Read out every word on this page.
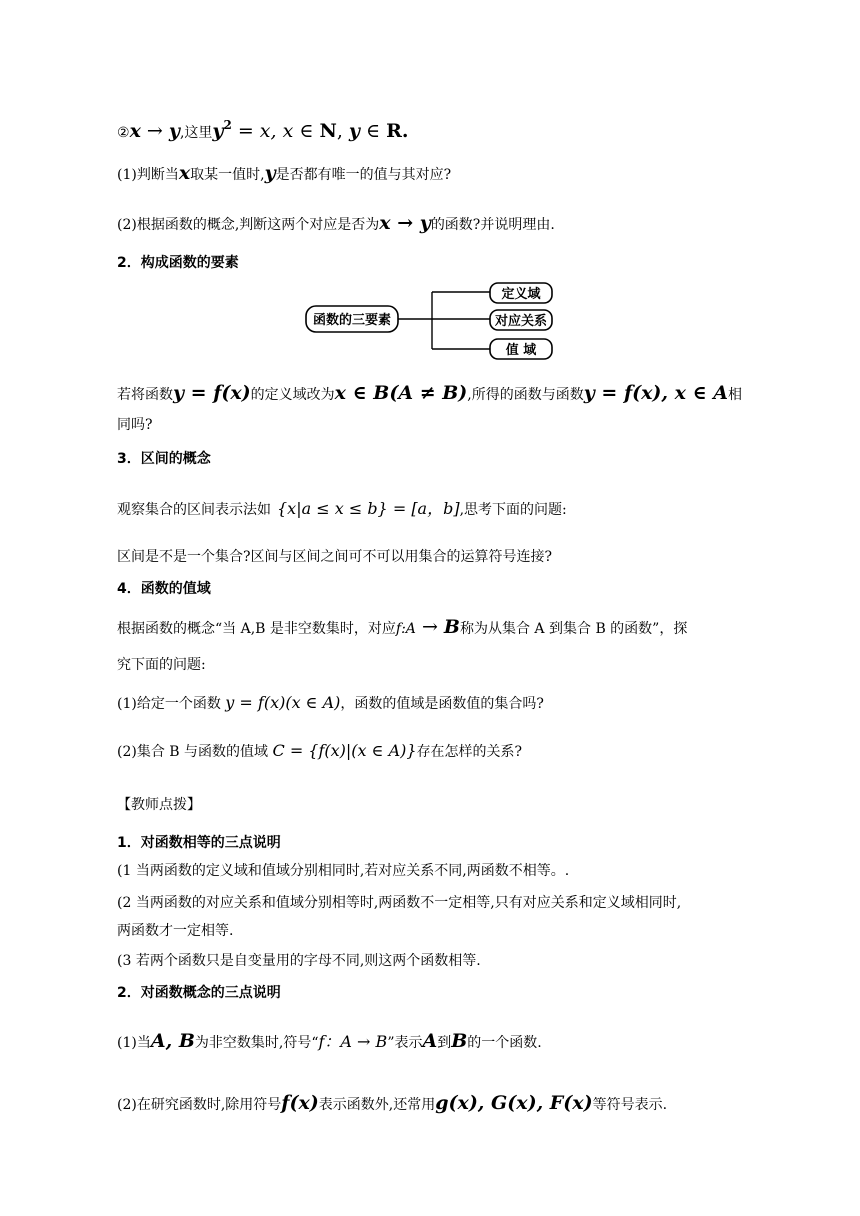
②x → y,这里y2 = x, x ∈ N, y ∈ R.
(1)判断当x取某一值时,y是否都有唯一的值与其对应?
(2)根据函数的概念,判断这两个对应是否为x → y的函数?并说明理由.
2．构成函数的要素
函数的三要素
定义域
对应关系
值 域
若将函数y = f(x)的定义域改为x ∈ B(A ≠ B),所得的函数与函数y = f(x), x ∈ A相
同吗?
3．区间的概念
观察集合的区间表示法如 {x|a ≤ x ≤ b} = [a，b],思考下面的问题:
区间是不是一个集合?区间与区间之间可不可以用集合的运算符号连接?
4．函数的值域
根据函数的概念“当 A,B 是非空数集时，对应f:A → B称为从集合 A 到集合 B 的函数”，探
究下面的问题:
(1)给定一个函数 y = f(x)(x ∈ A)，函数的值域是函数值的集合吗?
(2)集合 B 与函数的值域 C = {f(x)|(x ∈ A)}存在怎样的关系?
【教师点拨】
1．对函数相等的三点说明
(1 当两函数的定义域和值域分别相同时,若对应关系不同,两函数不相等。.
(2 当两函数的对应关系和值域分别相等时,两函数不一定相等,只有对应关系和定义域相同时,
两函数才一定相等.
(3 若两个函数只是自变量用的字母不同,则这两个函数相等.
2．对函数概念的三点说明
(1)当A, B为非空数集时,符号“f：A → B”表示A到B的一个函数.
(2)在研究函数时,除用符号f(x)表示函数外,还常用g(x), G(x), F(x)等符号表示.
